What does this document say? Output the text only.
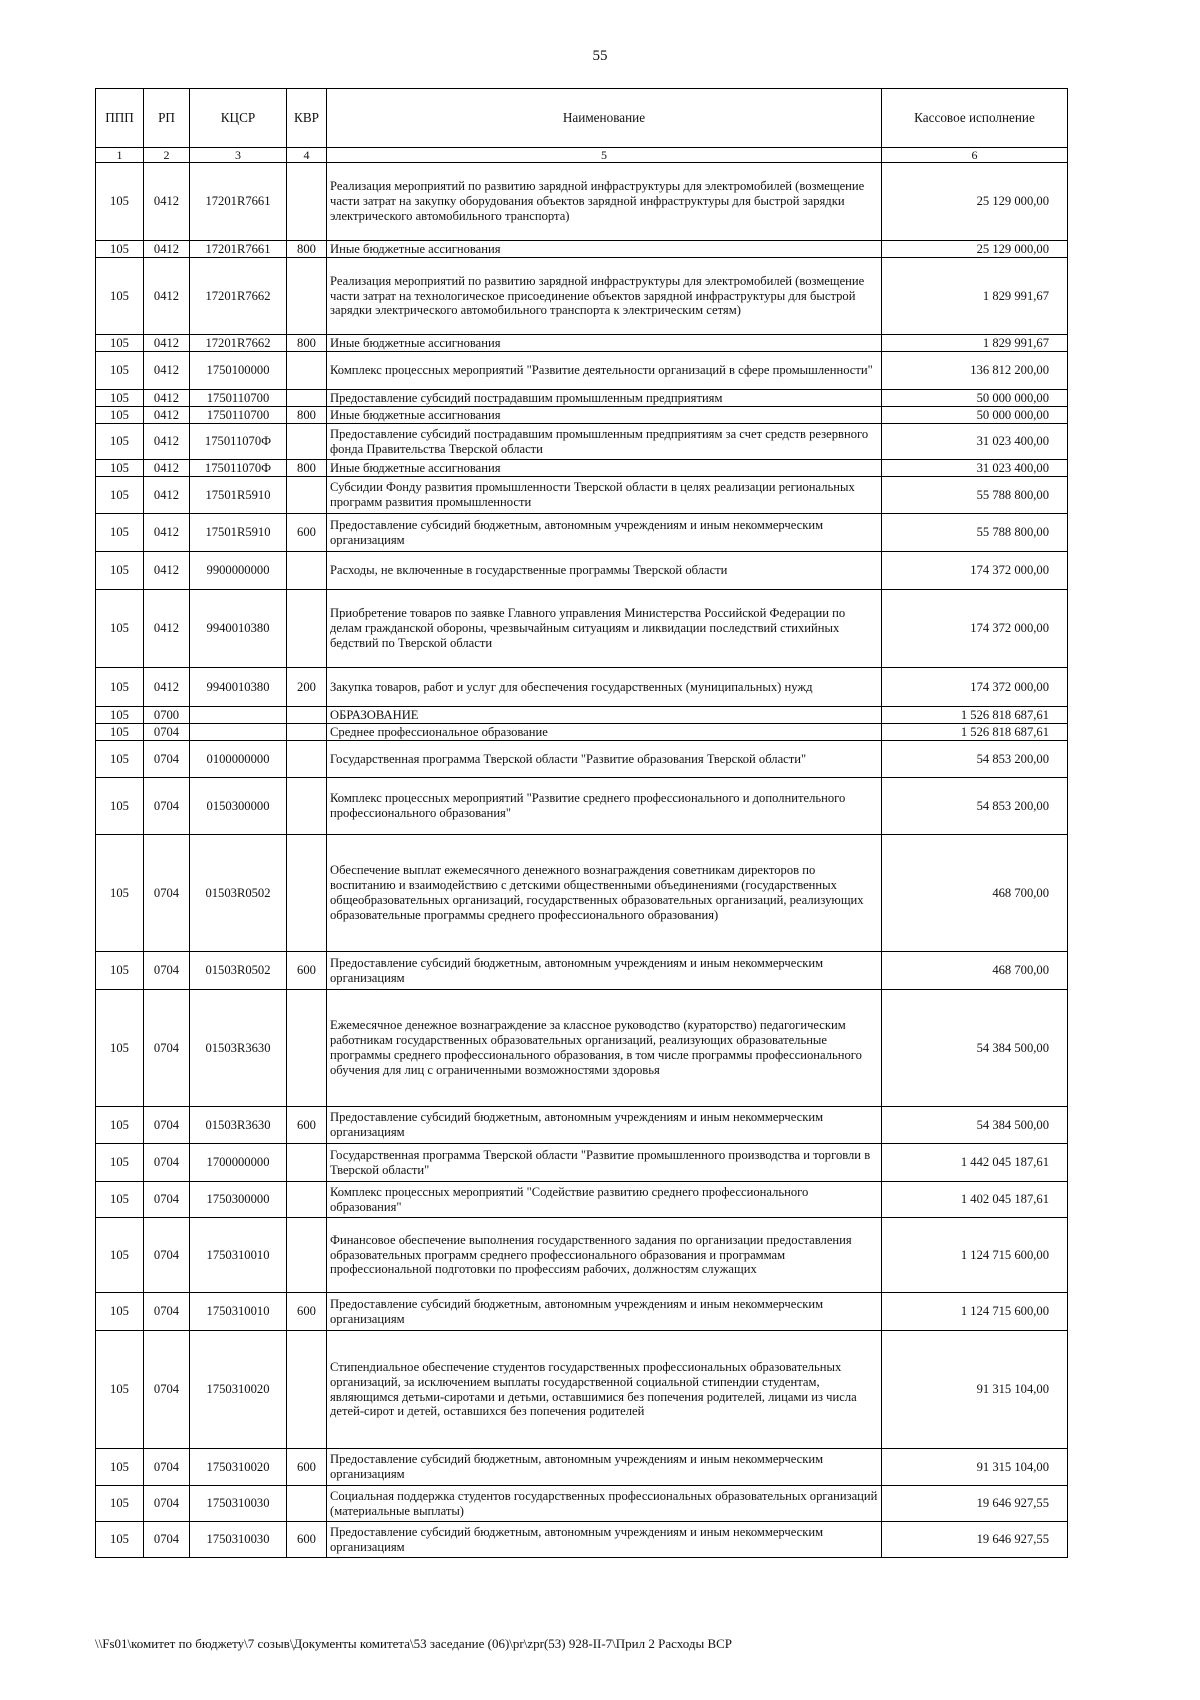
55
ППП	РП	КЦСР	КВР	Наименование	Кассовое исполнение
1	2	3	4	5	6
105	0412	17201R7661		Реализация мероприятий по развитию зарядной инфраструктуры для электромобилей (возмещение части затрат на закупку оборудования объектов зарядной инфраструктуры для быстрой зарядки электрического автомобильного транспорта)	25 129 000,00
105	0412	17201R7661	800	Иные бюджетные ассигнования	25 129 000,00
105	0412	17201R7662		Реализация мероприятий по развитию зарядной инфраструктуры для электромобилей (возмещение части затрат на технологическое присоединение объектов зарядной инфраструктуры для быстрой зарядки электрического автомобильного транспорта к электрическим сетям)	1 829 991,67
105	0412	17201R7662	800	Иные бюджетные ассигнования	1 829 991,67
105	0412	1750100000		Комплекс процессных мероприятий "Развитие деятельности организаций в сфере промышленности"	136 812 200,00
105	0412	1750110700		Предоставление субсидий пострадавшим промышленным предприятиям	50 000 000,00
105	0412	1750110700	800	Иные бюджетные ассигнования	50 000 000,00
105	0412	175011070Ф		Предоставление субсидий пострадавшим промышленным предприятиям за счет средств резервного фонда Правительства Тверской области	31 023 400,00
105	0412	175011070Ф	800	Иные бюджетные ассигнования	31 023 400,00
105	0412	17501R5910		Субсидии Фонду развития промышленности Тверской области в целях реализации региональных программ развития промышленности	55 788 800,00
105	0412	17501R5910	600	Предоставление субсидий бюджетным, автономным учреждениям и иным некоммерческим организациям	55 788 800,00
105	0412	9900000000		Расходы, не включенные в государственные программы Тверской области	174 372 000,00
105	0412	9940010380		Приобретение товаров по заявке Главного управления Министерства Российской Федерации по делам гражданской обороны, чрезвычайным ситуациям и ликвидации последствий стихийных бедствий по Тверской области	174 372 000,00
105	0412	9940010380	200	Закупка товаров, работ и услуг для обеспечения государственных (муниципальных) нужд	174 372 000,00
105	0700			ОБРАЗОВАНИЕ	1 526 818 687,61
105	0704			Среднее профессиональное образование	1 526 818 687,61
105	0704	0100000000		Государственная программа Тверской области "Развитие образования Тверской области"	54 853 200,00
105	0704	0150300000		Комплекс процессных мероприятий "Развитие среднего профессионального и дополнительного профессионального образования"	54 853 200,00
105	0704	01503R0502		Обеспечение выплат ежемесячного денежного вознаграждения советникам директоров по воспитанию и взаимодействию с детскими общественными объединениями (государственных общеобразовательных организаций, государственных образовательных организаций, реализующих образовательные программы среднего профессионального образования)	468 700,00
105	0704	01503R0502	600	Предоставление субсидий бюджетным, автономным учреждениям и иным некоммерческим организациям	468 700,00
105	0704	01503R3630		Ежемесячное денежное вознаграждение за классное руководство (кураторство) педагогическим работникам государственных образовательных организаций, реализующих образовательные программы среднего профессионального образования, в том числе программы профессионального обучения для лиц с ограниченными возможностями здоровья	54 384 500,00
105	0704	01503R3630	600	Предоставление субсидий бюджетным, автономным учреждениям и иным некоммерческим организациям	54 384 500,00
105	0704	1700000000		Государственная программа Тверской области "Развитие промышленного производства и торговли в Тверской области"	1 442 045 187,61
105	0704	1750300000		Комплекс процессных мероприятий "Содействие развитию среднего профессионального образования"	1 402 045 187,61
105	0704	1750310010		Финансовое обеспечение выполнения государственного задания по организации предоставления образовательных программ среднего профессионального образования и программам профессиональной подготовки по профессиям рабочих, должностям служащих	1 124 715 600,00
105	0704	1750310010	600	Предоставление субсидий бюджетным, автономным учреждениям и иным некоммерческим организациям	1 124 715 600,00
105	0704	1750310020		Стипендиальное обеспечение студентов государственных профессиональных образовательных организаций, за исключением выплаты государственной социальной стипендии студентам, являющимся детьми-сиротами и детьми, оставшимися без попечения родителей, лицами из числа детей-сирот и детей, оставшихся без попечения родителей	91 315 104,00
105	0704	1750310020	600	Предоставление субсидий бюджетным, автономным учреждениям и иным некоммерческим организациям	91 315 104,00
105	0704	1750310030		Социальная поддержка студентов государственных профессиональных образовательных организаций (материальные выплаты)	19 646 927,55
105	0704	1750310030	600	Предоставление субсидий бюджетным, автономным учреждениям и иным некоммерческим организациям	19 646 927,55
\\Fs01\комитет по бюджету\7 созыв\Документы комитета\53 заседание (06)\pr\zpr(53) 928-II-7\Прил 2 Расходы ВСР
